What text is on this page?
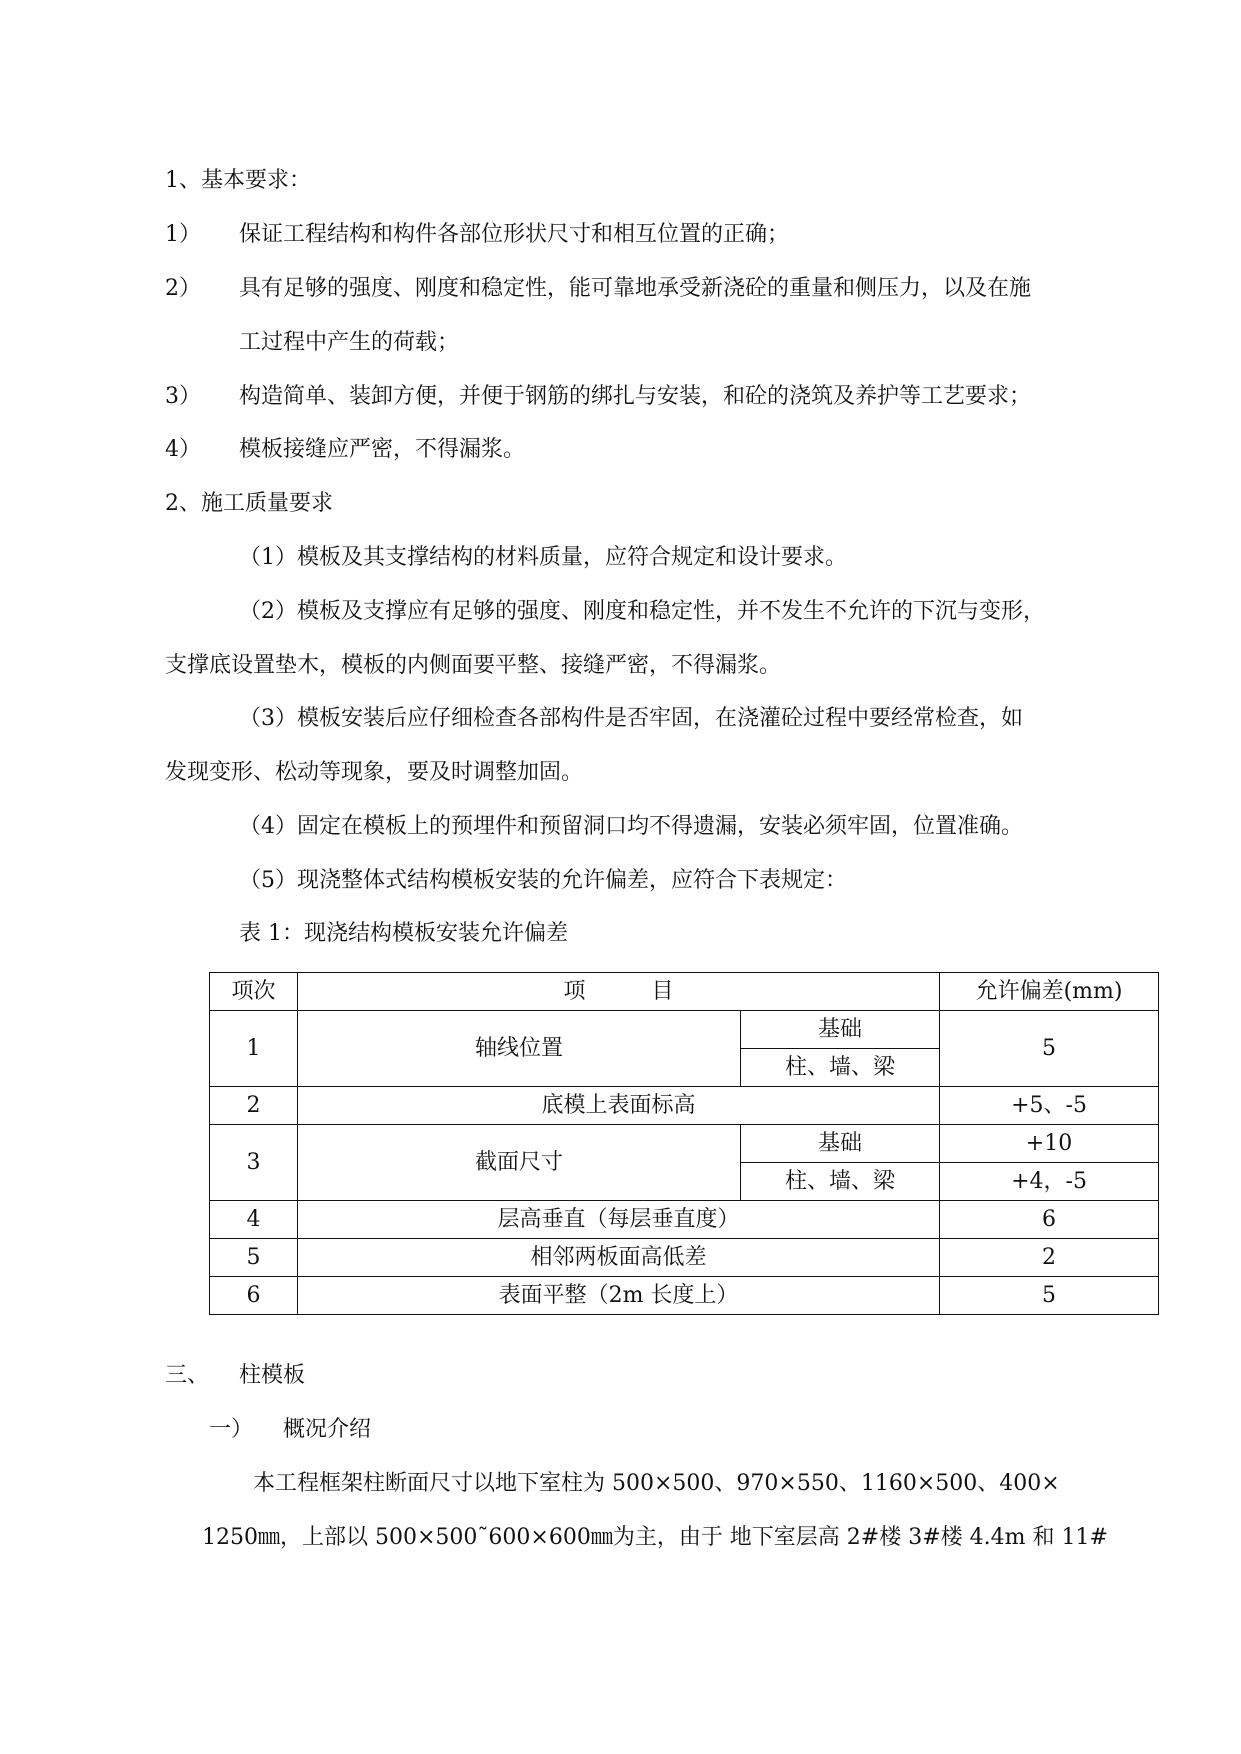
1、基本要求：
1） 保证工程结构和构件各部位形状尺寸和相互位置的正确；
2） 具有足够的强度、刚度和稳定性，能可靠地承受新浇砼的重量和侧压力，以及在施
工过程中产生的荷载；
3） 构造简单、装卸方便，并便于钢筋的绑扎与安装，和砼的浇筑及养护等工艺要求；
4） 模板接缝应严密，不得漏浆。
2、施工质量要求
（1）模板及其支撑结构的材料质量，应符合规定和设计要求。
（2）模板及支撑应有足够的强度、刚度和稳定性，并不发生不允许的下沉与变形，
支撑底设置垫木，模板的内侧面要平整、接缝严密，不得漏浆。
（3）模板安装后应仔细检查各部构件是否牢固，在浇灌砼过程中要经常检查，如
发现变形、松动等现象，要及时调整加固。
（4）固定在模板上的预埋件和预留洞口均不得遗漏，安装必须牢固，位置准确。
（5）现浇整体式结构模板安装的允许偏差，应符合下表规定：
表 1：现浇结构模板安装允许偏差
项次	项　　　目		允许偏差(mm)
1	轴线位置	基础	5
		柱、墙、梁	
2	底模上表面标高		+5、-5
3	截面尺寸	基础	+10
		柱、墙、梁	+4，-5
4	层高垂直（每层垂直度）		6
5	相邻两板面高低差		2
6	表面平整（2m 长度上）		5
三、 柱模板
一） 概况介绍
本工程框架柱断面尺寸以地下室柱为 500×500、970×550、1160×500、400×
1250㎜，上部以 500×500˜600×600㎜为主，由于 地下室层高 2#楼 3#楼 4.4m 和 11#
